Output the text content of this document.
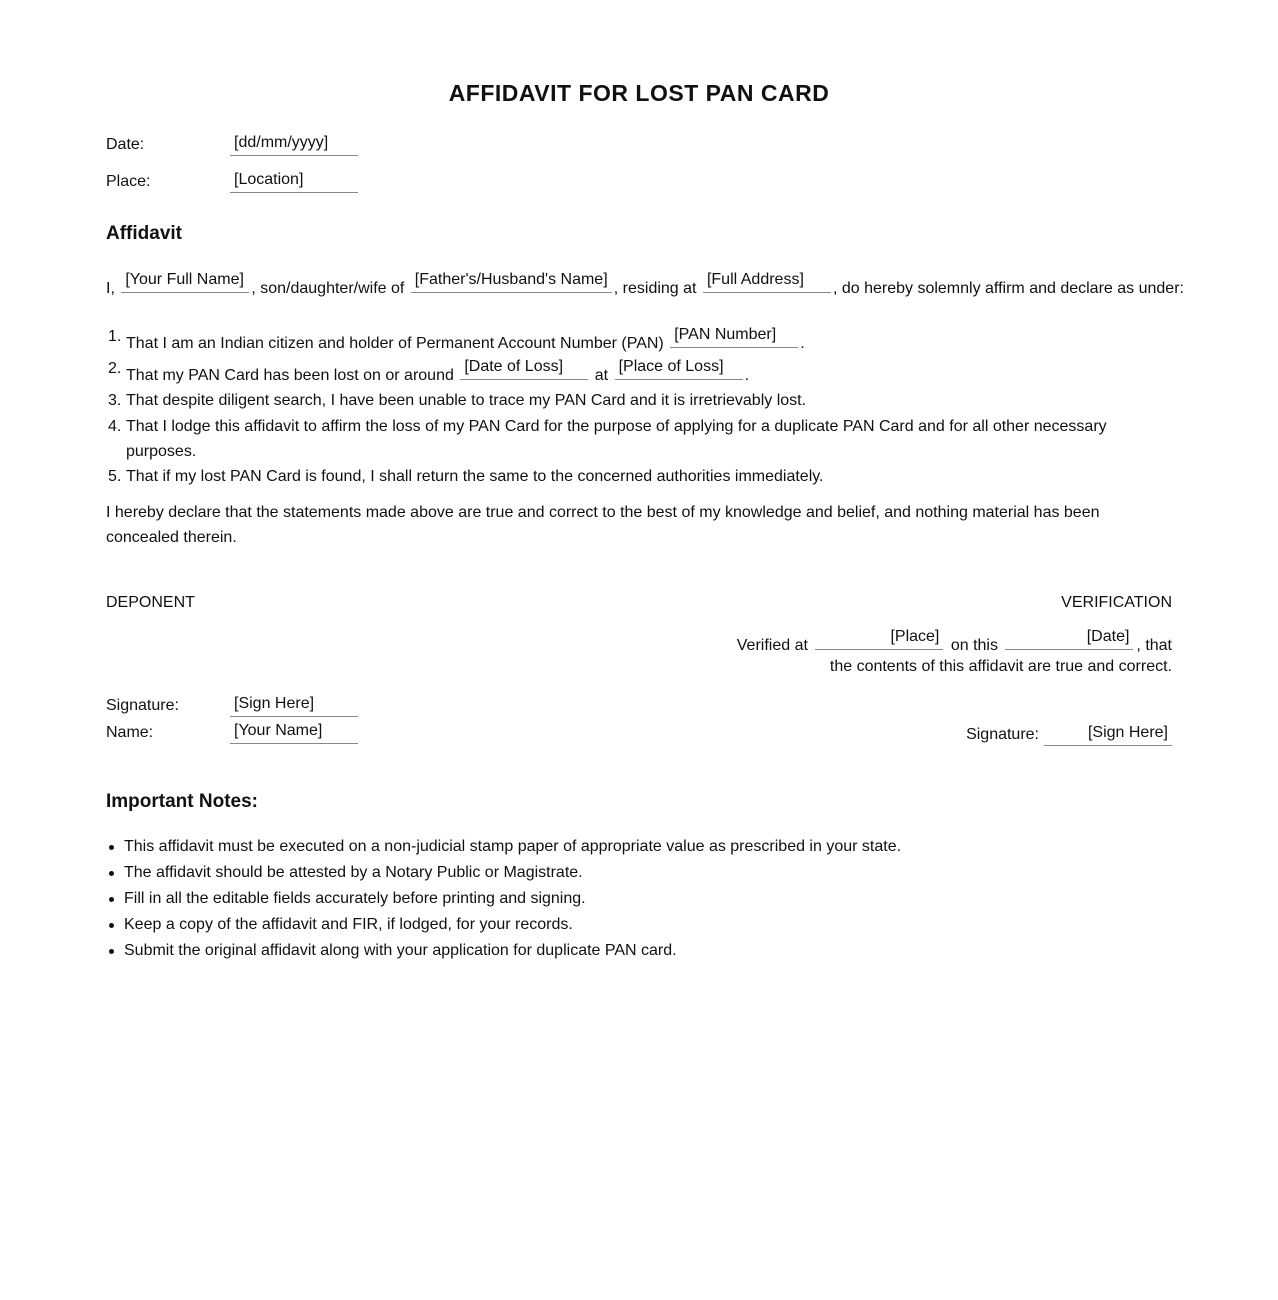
AFFIDAVIT FOR LOST PAN CARD
Date:	[dd/mm/yyyy]
Place:	[Location]
Affidavit
I, [Your Full Name], son/daughter/wife of [Father's/Husband's Name], residing at [Full Address], do hereby solemnly affirm and declare as under:
1. That I am an Indian citizen and holder of Permanent Account Number (PAN) [PAN Number].
2. That my PAN Card has been lost on or around [Date of Loss] at [Place of Loss].
3. That despite diligent search, I have been unable to trace my PAN Card and it is irretrievably lost.
4. That I lodge this affidavit to affirm the loss of my PAN Card for the purpose of applying for a duplicate PAN Card and for all other necessary purposes.
5. That if my lost PAN Card is found, I shall return the same to the concerned authorities immediately.
I hereby declare that the statements made above are true and correct to the best of my knowledge and belief, and nothing material has been concealed therein.
DEPONENT	VERIFICATION
Verified at [Place] on this [Date], that
the contents of this affidavit are true and correct.
Signature:	[Sign Here]
Name:	[Your Name]	Signature:	[Sign Here]
Important Notes:
This affidavit must be executed on a non-judicial stamp paper of appropriate value as prescribed in your state.
The affidavit should be attested by a Notary Public or Magistrate.
Fill in all the editable fields accurately before printing and signing.
Keep a copy of the affidavit and FIR, if lodged, for your records.
Submit the original affidavit along with your application for duplicate PAN card.
